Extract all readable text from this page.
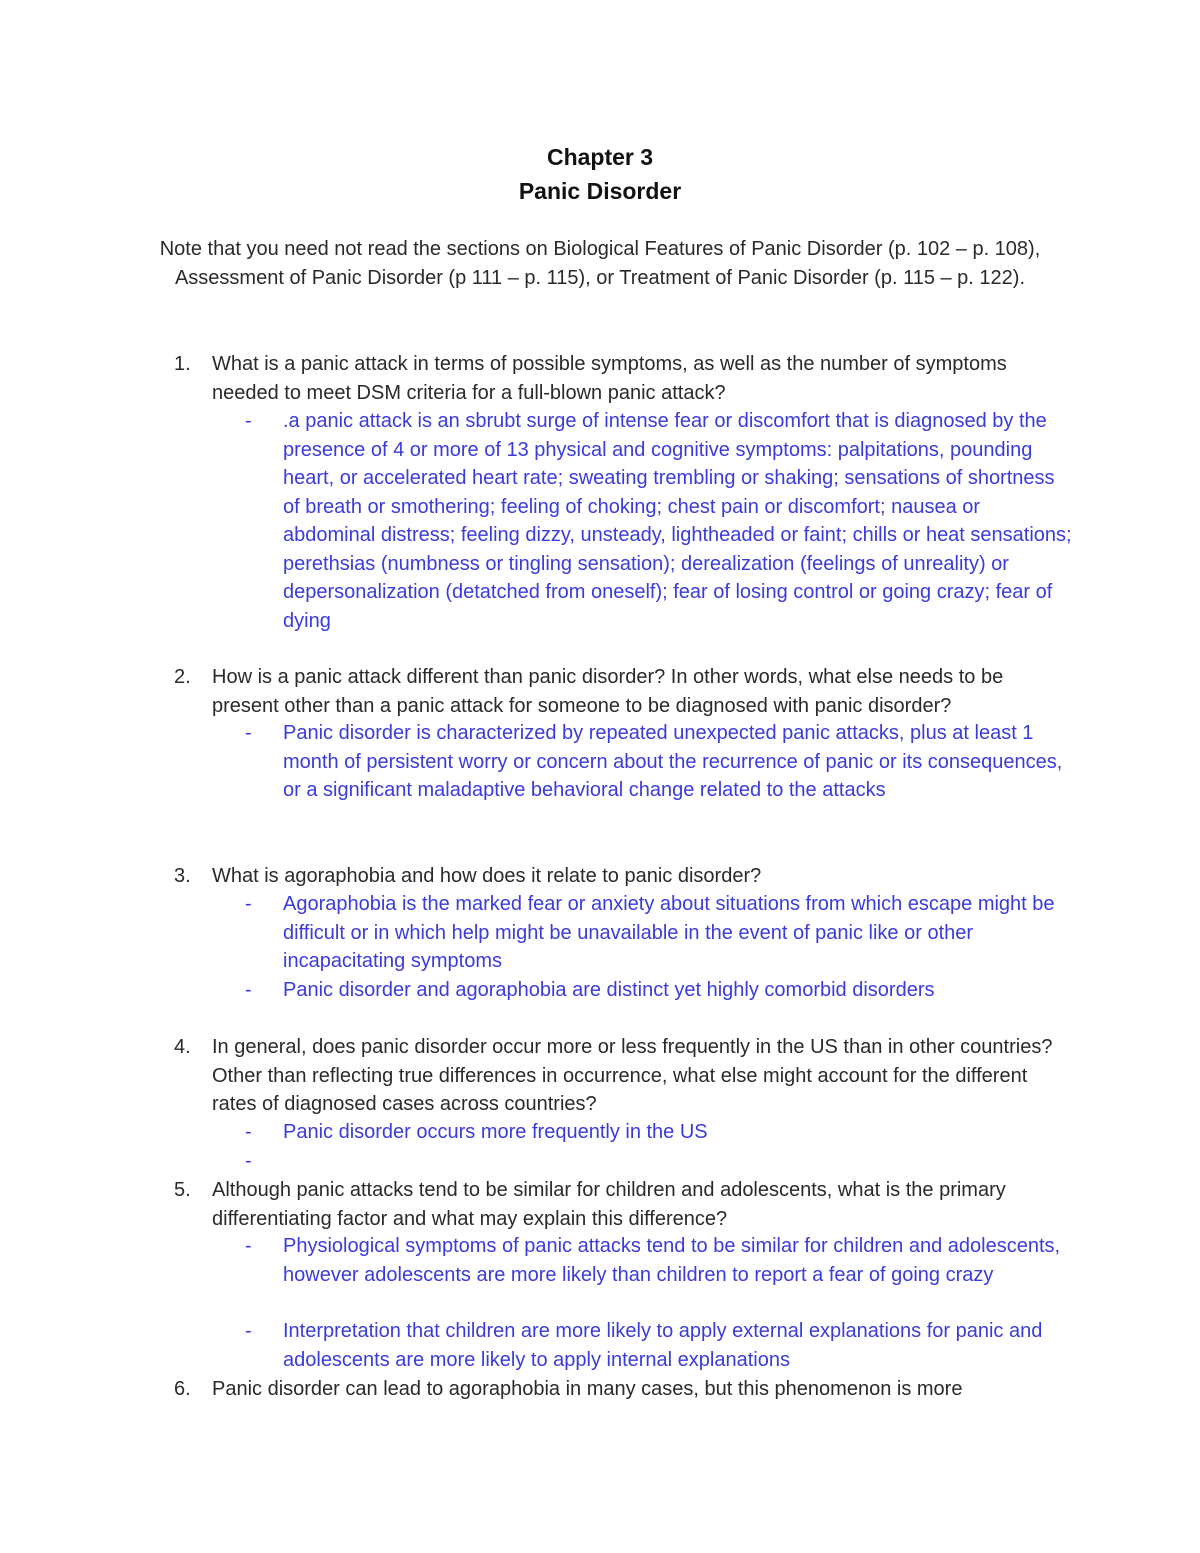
Chapter 3
Panic Disorder
Note that you need not read the sections on Biological Features of Panic Disorder (p. 102 – p. 108), Assessment of Panic Disorder (p 111 – p. 115), or Treatment of Panic Disorder (p. 115 – p. 122).
1.	What is a panic attack in terms of possible symptoms, as well as the number of symptoms needed to meet DSM criteria for a full-blown panic attack?
-	.a panic attack is an sbrubt surge of intense fear or discomfort that is diagnosed by the presence of 4 or more of 13 physical and cognitive symptoms: palpitations, pounding heart, or accelerated heart rate; sweating trembling or shaking; sensations of shortness of breath or smothering; feeling of choking; chest pain or discomfort; nausea or abdominal distress; feeling dizzy, unsteady, lightheaded or faint; chills or heat sensations; perethsias (numbness or tingling sensation); derealization (feelings of unreality) or depersonalization (detatched from oneself); fear of losing control or going crazy; fear of dying
2.	How is a panic attack different than panic disorder? In other words, what else needs to be present other than a panic attack for someone to be diagnosed with panic disorder?
-	Panic disorder is characterized by repeated unexpected panic attacks, plus at least 1 month of persistent worry or concern about the recurrence of panic or its consequences, or a significant maladaptive behavioral change related to the attacks
3.	What is agoraphobia and how does it relate to panic disorder?
-	Agoraphobia is the marked fear or anxiety about situations from which escape might be difficult or in which help might be unavailable in the event of panic like or other incapacitating symptoms
-	Panic disorder and agoraphobia are distinct yet highly comorbid disorders
4.	In general, does panic disorder occur more or less frequently in the US than in other countries? Other than reflecting true differences in occurrence, what else might account for the different rates of diagnosed cases across countries?
-	Panic disorder occurs more frequently in the US
-
5.	Although panic attacks tend to be similar for children and adolescents, what is the primary differentiating factor and what may explain this difference?
-	Physiological symptoms of panic attacks tend to be similar for children and adolescents, however adolescents are more likely than children to report a fear of going crazy
-	Interpretation that children are more likely to apply external explanations for panic and adolescents are more likely to apply internal explanations
6.	Panic disorder can lead to agoraphobia in many cases, but this phenomenon is more
